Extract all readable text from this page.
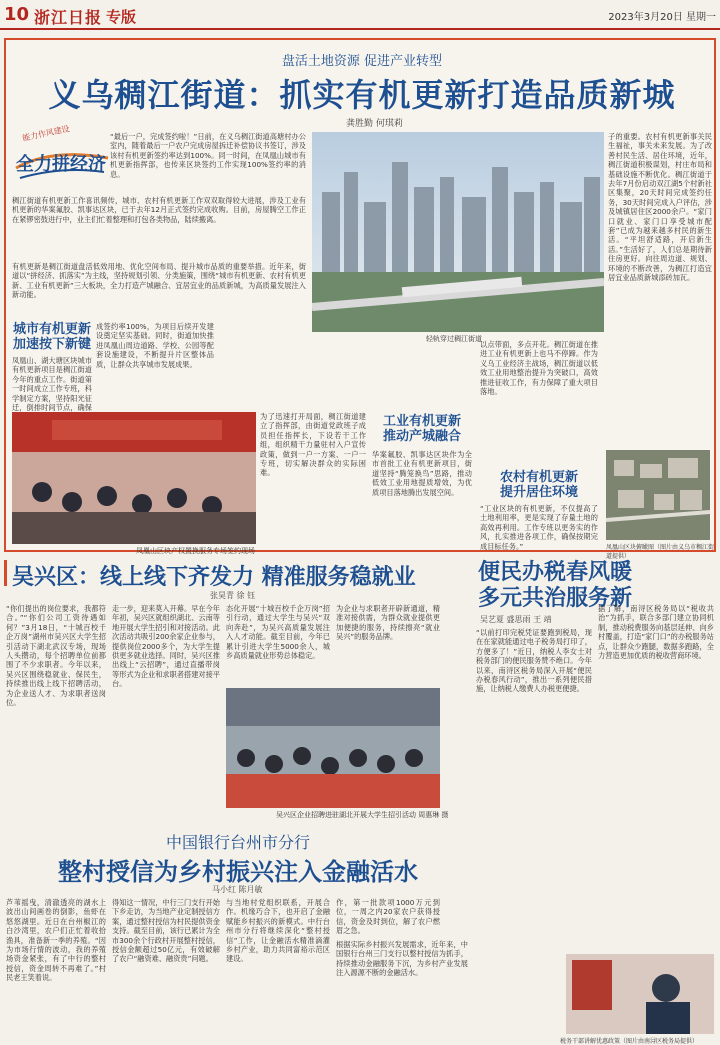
10 浙江日报 专版	2023年3月20日 星期一
盘活土地资源 促进产业转型
义乌稠江街道：抓实有机更新打造品质新城
龚胜勤 何琪莉
能力作风建设
全力拼经济
“最后一户，完成签约啦！”日前，在义乌稠江街道高塘村办公室内，随着最后一户农户完成房屋拆迁补偿协议书签订，涉及该村有机更新签约率达到100%。同一时间，在凤凰山城市有机更新指挥部，也传来区块签约工作实现100%签约率的消息。
稠江街道有机更新工作喜讯频传，城市、农村有机更新工作双双取得较大进展，涉及工业有机更新的华案氟胶、凯事达区块，已于去年12月正式签约完成收购。目前，房屋腾空工作正在紧锣密鼓进行中，业主们忙着整理和打包各类物品，陆续搬离。
有机更新是稠江街道盘活低效用地、优化空间布局、提升城市品质的重要举措。近年来，街道以“拼经济、抓落实”为主线，坚持规划引领、分类施策，围绕“城市有机更新、农村有机更新、工业有机更新”三大板块，全力打造产城融合、宜居宜业的品质新城，为高质量发展注入新动能。
轻轨穿过稠江街道
子的重要。农村有机更新事关民生福祉，事关未来发展。为了改善村民生活、居住环境，近年，稠江街道积极谋划，村庄布局和基础设施不断优化。稠江街道于去年7月份启动双江湖5个村新社区集聚，20天时间完成签约任务，30天时间完成入户评估，涉及城镇居住区2000余户。“家门口就业、家门口享受城市配套”已成为越来越多村民的新生活。“平坦舒适路，开启新生活。”生活好了，人们总是期待新住房更好。向往周边道、规划、环境的不断改善，为稠江打造宜居宜业品质新城添砖加瓦。
城市有机更新
加速按下新键
凤凰山、湖大塘区块城市有机更新项目是稠江街道今年的重点工作。街道第一时间成立工作专班，科学制定方案，坚持阳光征迁，倒排时间节点，确保
成签约率100%，为项目后续开发建设奠定坚实基础。同时，街道加快推进凤凰山周边道路、学校、公园等配套设施建设，不断提升片区整体品质，让群众共享城市发展成果。
凤凰山区块产权置换服务专场签约现场
为了迅速打开局面，稠江街道建立了指挥部，由街道党政班子成员担任指挥长，下设若干工作组，组织精干力量驻村入户宣传政策，做到一户一方案、一户一专班，切实解决群众的实际困难。
工业有机更新
推动产城融合
华案氟胶、凯事达区块作为全市首批工业有机更新项目，街道坚持“腾笼换鸟”思路，推动低效工业用地提质增效，为优质项目落地腾出发展空间。
以点带面，多点开花。稠江街道在推进工业有机更新上也马不停蹄。作为义乌工业经济主战场，稠江街道以低效工业用地整治提升为突破口，高效推进征收工作，有力保障了重大项目落地。
农村有机更新
提升居住环境
“工业区块的有机更新，不仅提高了土地利用率，更是实现了存量土地的高效再利用。工作专班以更务实的作风，扎实推进各项工作，确保按期完成目标任务。”	凤凰山区块俯瞰图（图片由义乌市稠江街道提供）
吴兴区：线上线下齐发力 精准服务稳就业
张昊青 徐 钰
“你们提出的岗位要求，我都符合。”“你们公司工资待遇如何？”3月18日，“十城百校千企万岗”湖州市吴兴区大学生招引活动下湖北武汉专场，现场人头攒动，每个招聘单位前都围了不少求职者。今年以来，吴兴区围绕稳就业、保民生，持续推出线上线下招聘活动，为企业送人才、为求职者送岗位。
走一步，迎来莫入开幕。早在今年年初，吴兴区就组织湖北、云南等地开展大学生招引和对接活动。此次活动共吸引200余家企业参与，提供岗位2000多个，为大学生提供更多就业选择。同时，吴兴区推出线上“云招聘”，通过直播带岗等形式为企业和求职者搭建对接平台。
态化开展“十城百校千企万岗”招引行动，通过大学生与吴兴“双向奔赴”，为吴兴高质量发展注入人才动能。截至目前，今年已累计引进大学生5000余人，城乡高质量就业形势总体稳定。
为企业与求职者开辟新通道，精准对接供需，为群众就业提供更加便捷的服务，持续擦亮“就业吴兴”的服务品牌。
吴兴区企业招聘进驻湖北开展大学生招引活动 周惠琳 摄
便民办税春风暖
多元共治服务新
吴艺夏 盛思雨 王 靖
“以前打印完税凭证要跑到税局，现在在家就能通过电子税务局打印了，方便多了！”近日，纳税人李女士对税务部门的便民服务赞不绝口。今年以来，南浔区税务局深入开展“便民办税春风行动”，推出一系列便民措施，让纳税人缴费人办税更便捷。
据了解，南浔区税务局以“税收共治”为抓手，联合多部门建立协同机制，推动税费服务向基层延伸、向乡村覆盖，打造“家门口”的办税服务站点，让群众少跑腿，数据多跑路，全力营造更加优质的税收营商环境。
税务干部讲解优惠政策（图片由南浔区税务局提供）
中国银行台州市分行
整村授信为乡村振兴注入金融活水
马小红 陈月敏
芦苇摇曳，清澈透亮的湖水上波出山间画卷的倒影，鱼虾在悠悠湖里。近日在台州椒江的白沙湾里，农户们正忙着收拾渔具，准备新一季的养殖。“因为市场行情的波动，我的养殖场资金紧张，有了中行的整村授信，资金周转不再难了。”村民老王笑着说。
得知这一情况，中行三门支行开始下乡走访，为当地产业定制授信方案，通过整村授信为村民提供资金支持。截至目前，该行已累计为全市300余个行政村开展整村授信，授信金额超过50亿元，有效破解了农户“融资难、融资贵”问题。
与当地村党组织联系，开展合作。机缘巧合下，也开启了金融赋能乡村振兴的新模式。中行台州市分行将继续深化“整村授信”工作，让金融活水精准滴灌乡村产业，助力共同富裕示范区建设。
作，第一批款项1000万元到位，一周之内20家农户获得授信，资金及时到位，解了农户燃眉之急。
根据实际乡村振兴发展需求，近年来，中国银行台州三门支行以整村授信为抓手，持续推动金融服务下沉，为乡村产业发展注入源源不断的金融活水。
